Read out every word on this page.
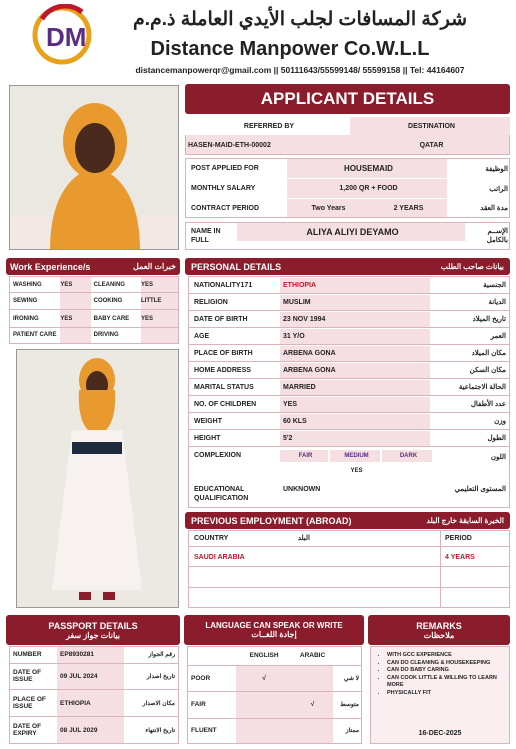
DM
شركة المسافات لجلب الأيدي العاملة ذ.م.م
Distance Manpower Co.W.L.L
distancemanpowerqr@gmail.com || 50111643/55599148/ 55599158 || Tel: 44164607
APPLICANT DETAILS
REFERRED BY	DESTINATION
HASEN-MAID-ETH-00002	QATAR
POST APPLIED FOR	HOUSEMAID	الوظيفة
MONTHLY SALARY	1,200 QR + FOOD	الراتب
CONTRACT PERIOD	Two Years	2 YEARS	مدة العقد
NAME IN FULL
ALIYA ALIYI DEYAMO	الإســم بالكامل
Work Experience/s	خبرات العمل
WASHING	YES	CLEANING	YES
SEWING		COOKING	LITTLE
IRONING	YES	BABY CARE	YES
PATIENT CARE		DRIVING	
PERSONAL DETAILS	بيانات صاحب الطلب
NATIONALITY171	ETHIOPIA	الجنسية
RELIGION	MUSLIM	الديانة
DATE OF BIRTH	23 NOV 1994	تاريخ الميلاد
AGE	31 Y/O	العمر
PLACE OF BIRTH	ARBENA GONA	مكان الميلاد
HOME ADDRESS	ARBENA GONA	مكان السكن
MARITAL STATUS	MARRIED	الحالة الاجتماعية
NO. OF CHILDREN	YES	عدد الأطفال
WEIGHT	60 KLS	وزن
HEIGHT	5'2	الطول
COMPLEXION	FAIR	MEDIUM	DARK
YES
اللون
EDUCATIONAL QUALIFICATION
UNKNOWN	المستوى التعليمي
PREVIOUS EMPLOYMENT (ABROAD)	الخبرة السابقة خارج البلد
COUNTRY	البلد	PERIOD
SAUDI ARABIA	4 YEARS
PASSPORT DETAILS
بيانات جواز سفر
NUMBER	EP8930281	رقم الجواز
DATE OF ISSUE	09 JUL 2024	تاريخ اصدار
PLACE OF ISSUE	ETHIOPIA	مكان الاصدار
DATE OF EXPIRY	08 JUL 2029	تاريخ الانتهاء
LANGUAGE CAN SPEAK OR WRITE
إجادة اللغــات
	ENGLISH	ARABIC	
POOR	√		لا شي
FAIR		√	متوسط
FLUENT			ممتاز
REMARKS
ملاحظات
• WITH GCC EXPERIENCE
• CAN DO CLEANING & HOUSEKEEPING
• CAN DO BABY CARING
• CAN COOK LITTLE & WILLING TO LEARN MORE
• PHYSICALLY FIT
16-DEC-2025
